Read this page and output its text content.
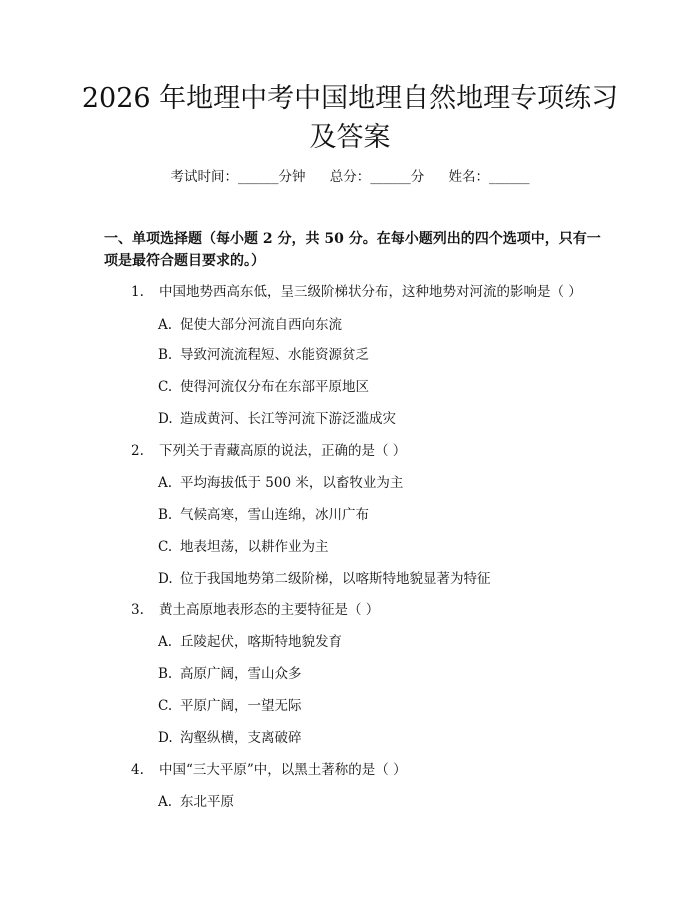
2026 年地理中考中国地理自然地理专项练习
及答案
考试时间：______分钟 总分：______分 姓名：______
一、单项选择题（每小题 2 分，共 50 分。在每小题列出的四个选项中，只有一项是最符合题目要求的。）
1. 中国地势西高东低，呈三级阶梯状分布，这种地势对河流的影响是（ ）
A. 促使大部分河流自西向东流
B. 导致河流流程短、水能资源贫乏
C. 使得河流仅分布在东部平原地区
D. 造成黄河、长江等河流下游泛滥成灾
2. 下列关于青藏高原的说法，正确的是（ ）
A. 平均海拔低于 500 米，以畜牧业为主
B. 气候高寒，雪山连绵，冰川广布
C. 地表坦荡，以耕作业为主
D. 位于我国地势第二级阶梯，以喀斯特地貌显著为特征
3. 黄土高原地表形态的主要特征是（ ）
A. 丘陵起伏，喀斯特地貌发育
B. 高原广阔，雪山众多
C. 平原广阔，一望无际
D. 沟壑纵横，支离破碎
4. 中国“三大平原”中，以黑土著称的是（ ）
A. 东北平原
